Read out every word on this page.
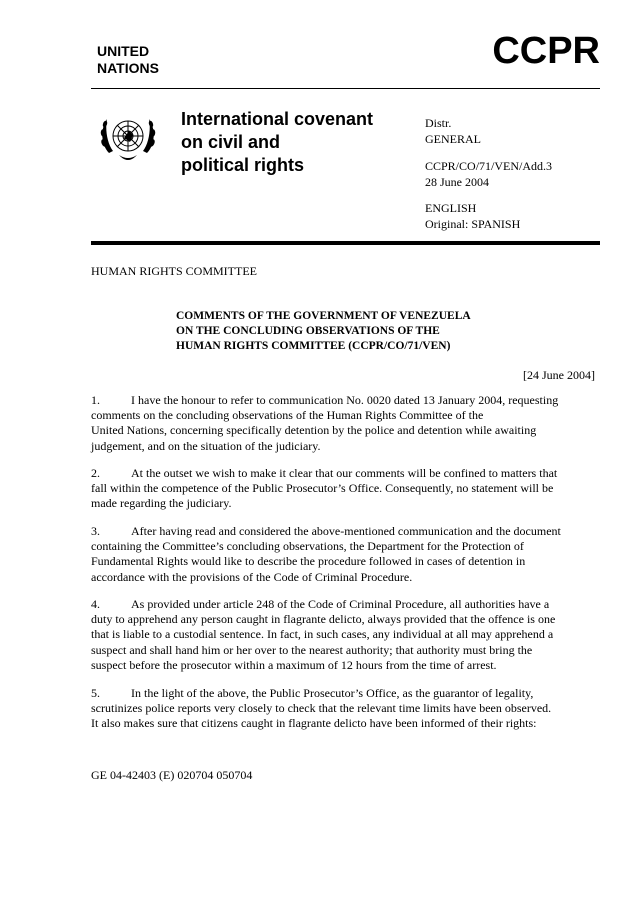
UNITED
NATIONS	CCPR
International covenant
on civil and
political rights
Distr.
GENERAL
CCPR/CO/71/VEN/Add.3
28 June 2004
ENGLISH
Original: SPANISH
HUMAN RIGHTS COMMITTEE
COMMENTS OF THE GOVERNMENT OF VENEZUELA
ON THE CONCLUDING OBSERVATIONS OF THE
HUMAN RIGHTS COMMITTEE (CCPR/CO/71/VEN)
[24 June 2004]
1.	I have the honour to refer to communication No. 0020 dated 13 January 2004, requesting
comments on the concluding observations of the Human Rights Committee of the
United Nations, concerning specifically detention by the police and detention while awaiting
judgement, and on the situation of the judiciary.
2.	At the outset we wish to make it clear that our comments will be confined to matters that
fall within the competence of the Public Prosecutor’s Office. Consequently, no statement will be
made regarding the judiciary.
3.	After having read and considered the above-mentioned communication and the document
containing the Committee’s concluding observations, the Department for the Protection of
Fundamental Rights would like to describe the procedure followed in cases of detention in
accordance with the provisions of the Code of Criminal Procedure.
4.	As provided under article 248 of the Code of Criminal Procedure, all authorities have a
duty to apprehend any person caught in flagrante delicto, always provided that the offence is one
that is liable to a custodial sentence. In fact, in such cases, any individual at all may apprehend a
suspect and shall hand him or her over to the nearest authority; that authority must bring the
suspect before the prosecutor within a maximum of 12 hours from the time of arrest.
5.	In the light of the above, the Public Prosecutor’s Office, as the guarantor of legality,
scrutinizes police reports very closely to check that the relevant time limits have been observed.
It also makes sure that citizens caught in flagrante delicto have been informed of their rights:
GE 04-42403 (E) 020704 050704
